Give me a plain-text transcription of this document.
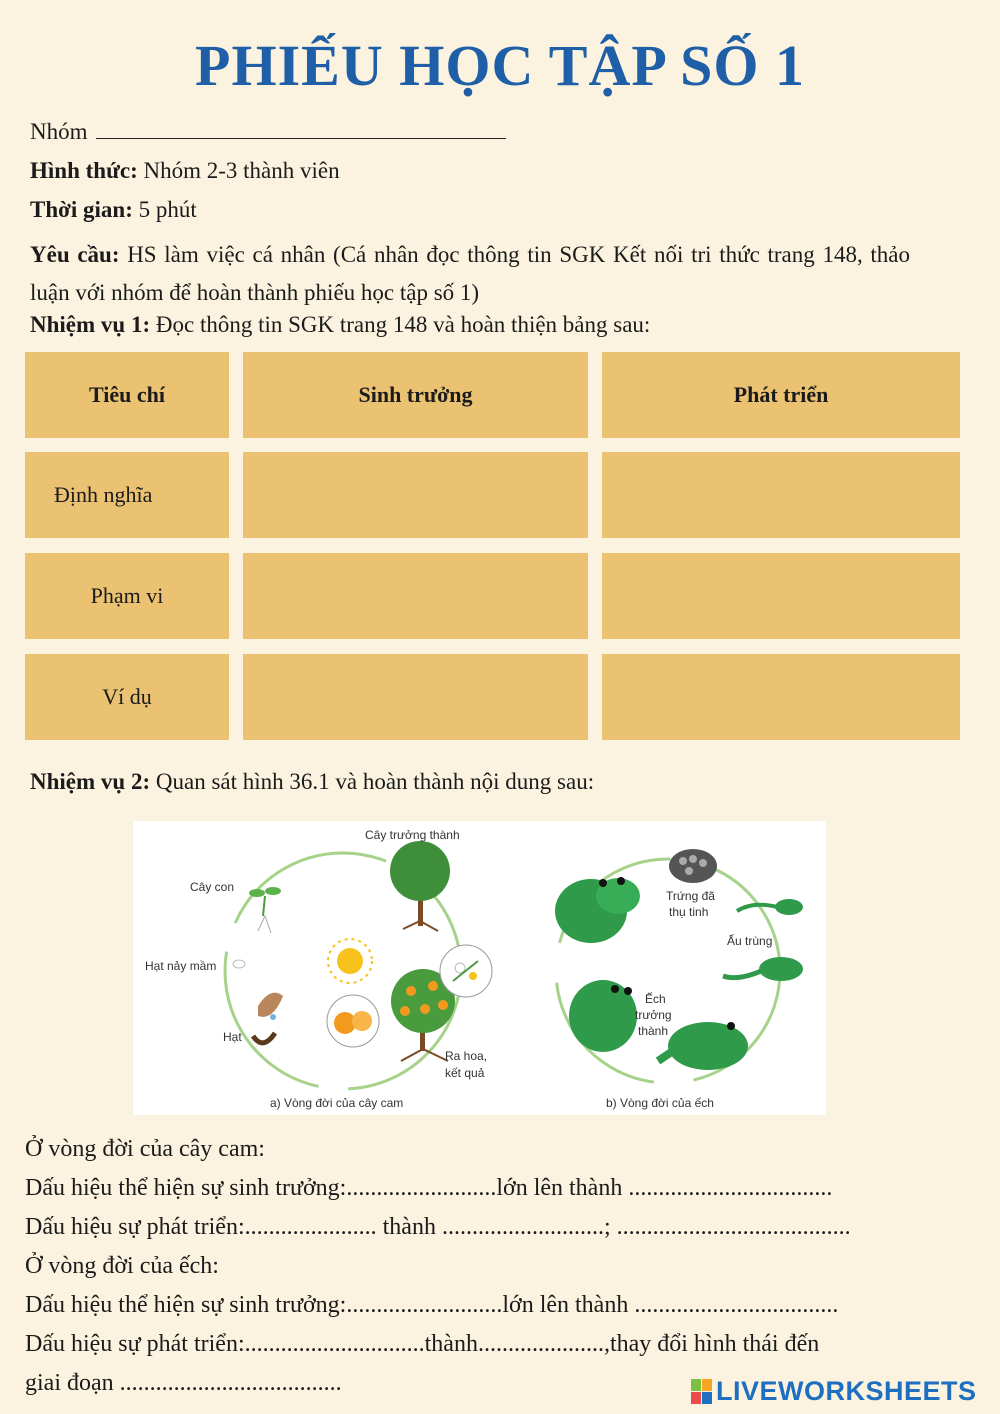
PHIẾU HỌC TẬP SỐ 1
Nhóm
Hình thức: Nhóm 2-3 thành viên
Thời gian: 5 phút
Yêu cầu: HS làm việc cá nhân (Cá nhân đọc thông tin SGK Kết nối tri thức trang 148, thảo luận với nhóm để hoàn thành phiếu học tập số 1)
Nhiệm vụ 1: Đọc thông tin SGK trang 148 và hoàn thiện bảng sau:
Tiêu chí	Sinh trưởng	Phát triển
Định nghĩa
Phạm vi
Ví dụ
Nhiệm vụ 2: Quan sát hình 36.1 và hoàn thành nội dung sau:
Cây trưởng thành
Cây con
Hạt nảy mầm
Hạt
Ra hoa,
kết quả
a) Vòng đời của cây cam
Trứng đã
thụ tinh
Ấu trùng
Ếch
trưởng
thành
b) Vòng đời của ếch
Ở vòng đời của cây cam:
Dấu hiệu thể hiện sự sinh trưởng:.........................lớn lên thành ..................................
Dấu hiệu sự phát triển:...................... thành ...........................; .......................................
Ở vòng đời của ếch:
Dấu hiệu thể hiện sự sinh trưởng:..........................lớn lên thành ..................................
Dấu hiệu sự phát triển:..............................thành.....................,thay đổi hình thái đến
giai đoạn .....................................	LIVEWORKSHEETS
